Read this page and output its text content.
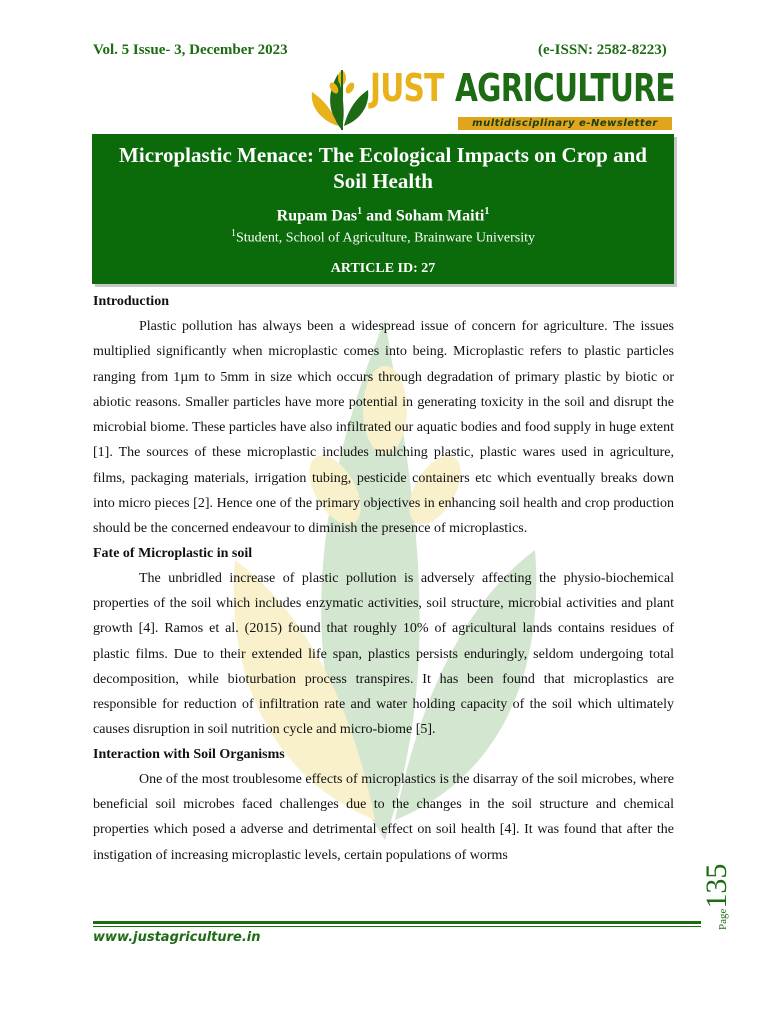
Vol. 5 Issue- 3, December 2023	(e-ISSN: 2582-8223)
JUST AGRICULTURE
multidisciplinary e-Newsletter
Microplastic Menace: The Ecological Impacts on Crop and Soil Health
Rupam Das$^1$ and Soham Maiti$^1$
$^1$Student, School of Agriculture, Brainware University
ARTICLE ID: 27
Introduction

Plastic pollution has always been a widespread issue of concern for agriculture. The issues multiplied significantly when microplastic comes into being. Microplastic refers to plastic particles ranging from 1µm to 5mm in size which occurs through degradation of primary plastic by biotic or abiotic reasons. Smaller particles have more potential in generating toxicity in the soil and disrupt the microbial biome. These particles have also infiltrated our aquatic bodies and food supply in huge extent [1]. The sources of these microplastic includes mulching plastic, plastic wares used in agriculture, films, packaging materials, irrigation tubing, pesticide containers etc which eventually breaks down into micro pieces [2]. Hence one of the primary objectives in enhancing soil health and crop production should be the concerned endeavour to diminish the presence of microplastics.

Fate of Microplastic in soil

The unbridled increase of plastic pollution is adversely affecting the physio-biochemical properties of the soil which includes enzymatic activities, soil structure, microbial activities and plant growth [4]. Ramos et al. (2015) found that roughly 10% of agricultural lands contains residues of plastic films. Due to their extended life span, plastics persists enduringly, seldom undergoing total decomposition, while bioturbation process transpires. It has been found that microplastics are responsible for reduction of infiltration rate and water holding capacity of the soil which ultimately causes disruption in soil nutrition cycle and micro-biome [5].

Interaction with Soil Organisms

One of the most troublesome effects of microplastics is the disarray of the soil microbes, where beneficial soil microbes faced challenges due to the changes in the soil structure and chemical properties which posed a adverse and detrimental effect on soil health [4]. It was found that after the instigation of increasing microplastic levels, certain populations of worms

www.justagriculture.in
Page135
